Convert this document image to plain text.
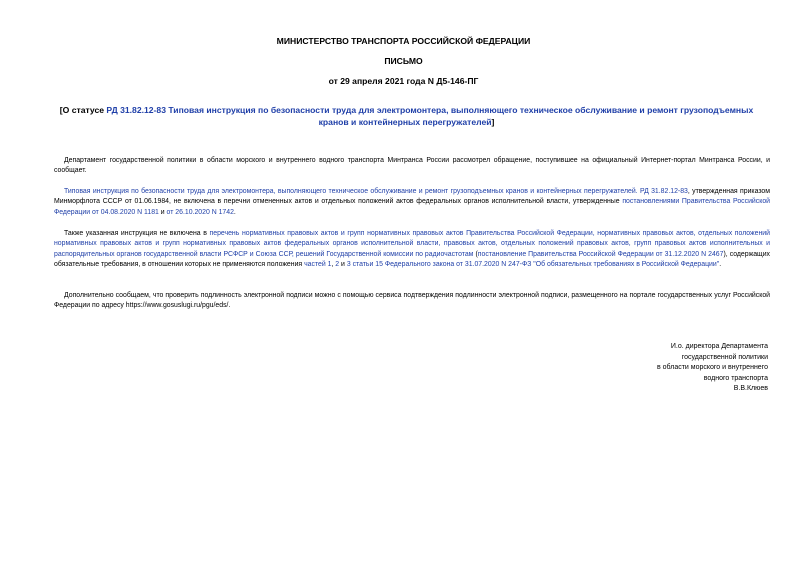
МИНИСТЕРСТВО ТРАНСПОРТА РОССИЙСКОЙ ФЕДЕРАЦИИ
ПИСЬМО
от 29 апреля 2021 года N Д5-146-ПГ
[О статусе РД 31.82.12-83 Типовая инструкция по безопасности труда для электромонтера, выполняющего техническое обслуживание и ремонт грузоподъемных кранов и контейнерных перегружателей]
Департамент государственной политики в области морского и внутреннего водного транспорта Минтранса России рассмотрел обращение, поступившее на официальный Интернет-портал Минтранса России, и сообщает.
Типовая инструкция по безопасности труда для электромонтера, выполняющего техническое обслуживание и ремонт грузоподъемных кранов и контейнерных перегружателей. РД 31.82.12-83, утвержденная приказом Минморфлота СССР от 01.06.1984, не включена в перечни отмененных актов и отдельных положений актов федеральных органов исполнительной власти, утвержденные постановлениями Правительства Российской Федерации от 04.08.2020 N 1181 и от 26.10.2020 N 1742.
Также указанная инструкция не включена в перечень нормативных правовых актов и групп нормативных правовых актов Правительства Российской Федерации, нормативных правовых актов, отдельных положений нормативных правовых актов и групп нормативных правовых актов федеральных органов исполнительной власти, правовых актов, отдельных положений правовых актов, групп правовых актов исполнительных и распорядительных органов государственной власти РСФСР и Союза ССР, решений Государственной комиссии по радиочастотам (постановление Правительства Российской Федерации от 31.12.2020 N 2467), содержащих обязательные требования, в отношении которых не применяются положения частей 1, 2 и 3 статьи 15 Федерального закона от 31.07.2020 N 247-ФЗ "Об обязательных требованиях в Российской Федерации".
Дополнительно сообщаем, что проверить подлинность электронной подписи можно с помощью сервиса подтверждения подлинности электронной подписи, размещенного на портале государственных услуг Российской Федерации по адресу https://www.gosuslugi.ru/pgu/eds/.
И.о. директора Департамента
государственной политики
в области морского и внутреннего
водного транспорта
В.В.Клюев
